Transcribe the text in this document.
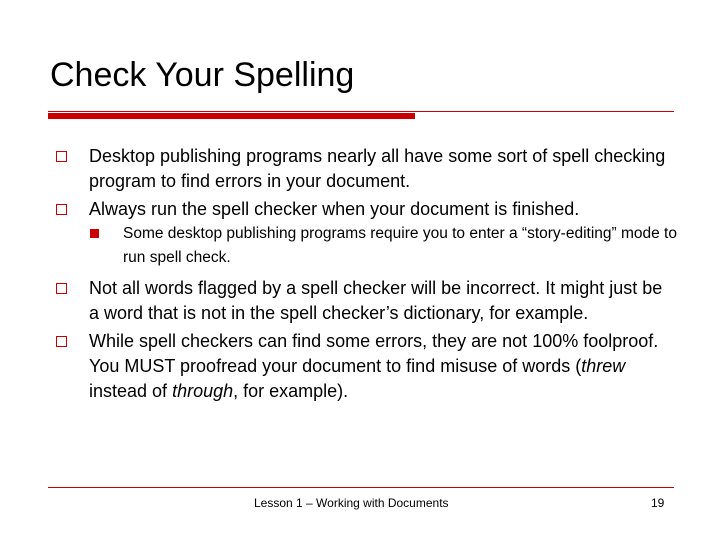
Check Your Spelling
Desktop publishing programs nearly all have some sort of spell checking program to find errors in your document.
Always run the spell checker when your document is finished.
Some desktop publishing programs require you to enter a “story-editing” mode to run spell check.
Not all words flagged by a spell checker will be incorrect. It might just be a word that is not in the spell checker’s dictionary, for example.
While spell checkers can find some errors, they are not 100% foolproof. You MUST proofread your document to find misuse of words (threw instead of through, for example).
Lesson 1 – Working with Documents	19
